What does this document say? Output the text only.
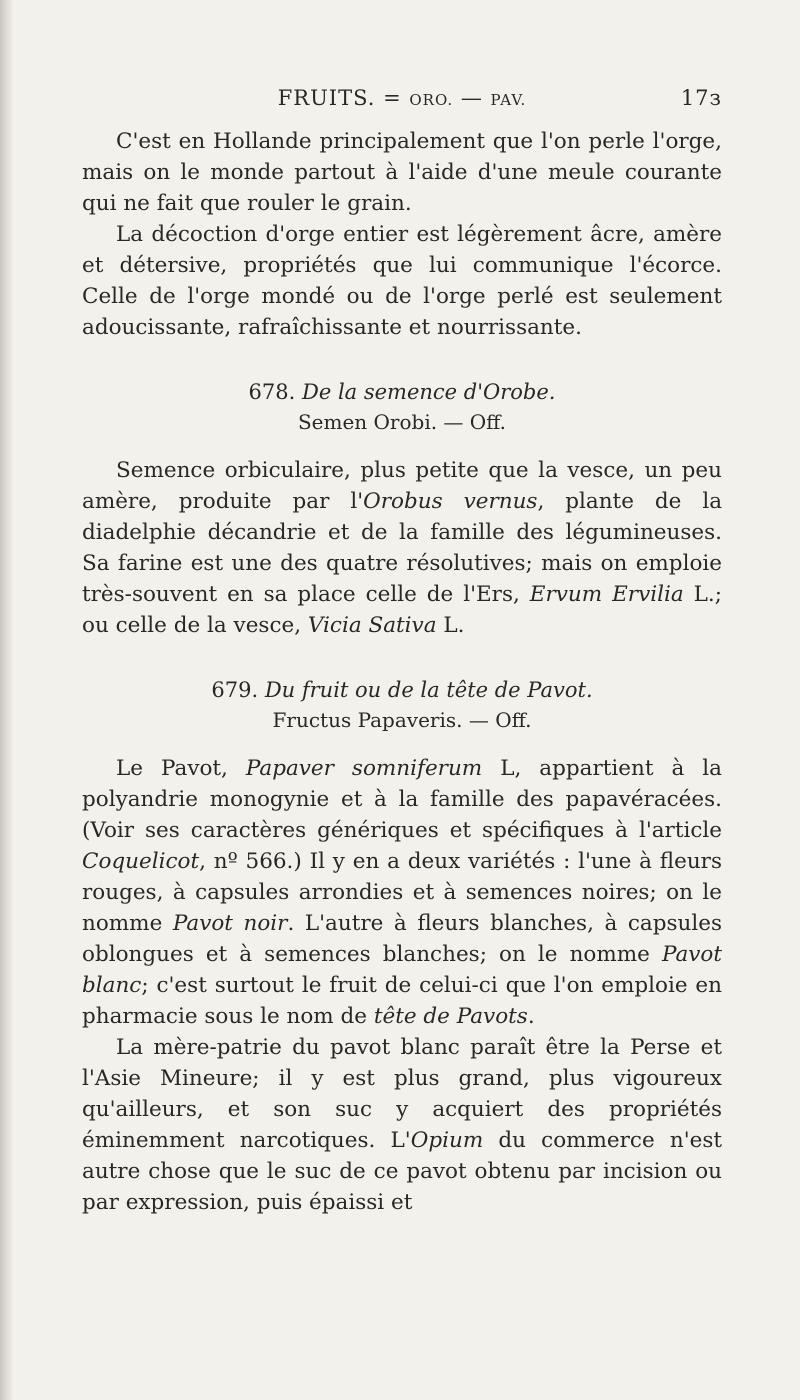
FRUITS. = ORO. — PAV.	17з

C'est en Hollande principalement que l'on perle l'orge, mais on le monde partout à l'aide d'une meule courante qui ne fait que rouler le grain.

La décoction d'orge entier est légèrement âcre, amère et détersive, propriétés que lui communique l'écorce. Celle de l'orge mondé ou de l'orge perlé est seulement adoucissante, rafraîchissante et nourrissante.

678. De la semence d'Orobe.
Semen Orobi. — Off.

Semence orbiculaire, plus petite que la vesce, un peu amère, produite par l'Orobus vernus, plante de la diadelphie décandrie et de la famille des légumineuses. Sa farine est une des quatre résolutives; mais on emploie très-souvent en sa place celle de l'Ers, Ervum Ervilia L.; ou celle de la vesce, Vicia Sativa L.

679. Du fruit ou de la tête de Pavot.
Fructus Papaveris. — Off.

Le Pavot, Papaver somniferum L, appartient à la polyandrie monogynie et à la famille des papavéracées. (Voir ses caractères génériques et spécifiques à l'article Coquelicot, nº 566.) Il y en a deux variétés : l'une à fleurs rouges, à capsules arrondies et à semences noires; on le nomme Pavot noir. L'autre à fleurs blanches, à capsules oblongues et à semences blanches; on le nomme Pavot blanc; c'est surtout le fruit de celui-ci que l'on emploie en pharmacie sous le nom de tête de Pavots.

La mère-patrie du pavot blanc paraît être la Perse et l'Asie Mineure; il y est plus grand, plus vigoureux qu'ailleurs, et son suc y acquiert des propriétés éminemment narcotiques. L'Opium du commerce n'est autre chose que le suc de ce pavot obtenu par incision ou par expression, puis épaissi et
